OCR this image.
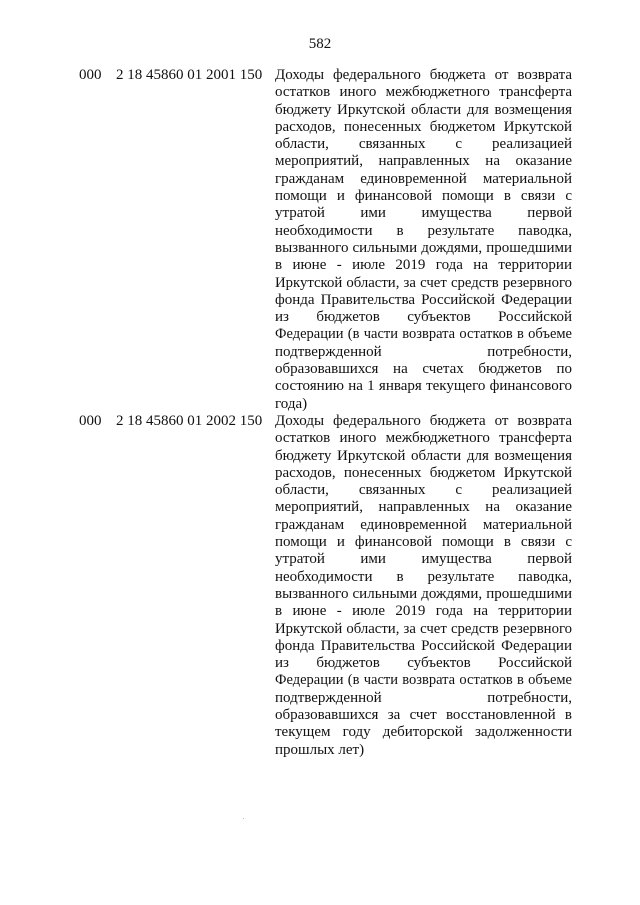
582
000 2 18 45860 01 2001 150 Доходы федерального бюджета от возврата
остатков иного межбюджетного трансферта
бюджету Иркутской области для возмещения
расходов, понесенных бюджетом Иркутской
области, связанных с реализацией
мероприятий, направленных на оказание
гражданам единовременной материальной
помощи и финансовой помощи в связи с
утратой ими имущества первой
необходимости в результате паводка,
вызванного сильными дождями, прошедшими
в июне - июле 2019 года на территории
Иркутской области, за счет средств резервного
фонда Правительства Российской Федерации
из бюджетов субъектов Российской
Федерации (в части возврата остатков в объеме
подтвержденной потребности,
образовавшихся на счетах бюджетов по
состоянию на 1 января текущего финансового
года)
000 2 18 45860 01 2002 150 Доходы федерального бюджета от возврата
остатков иного межбюджетного трансферта
бюджету Иркутской области для возмещения
расходов, понесенных бюджетом Иркутской
области, связанных с реализацией
мероприятий, направленных на оказание
гражданам единовременной материальной
помощи и финансовой помощи в связи с
утратой ими имущества первой
необходимости в результате паводка,
вызванного сильными дождями, прошедшими
в июне - июле 2019 года на территории
Иркутской области, за счет средств резервного
фонда Правительства Российской Федерации
из бюджетов субъектов Российской
Федерации (в части возврата остатков в объеме
подтвержденной потребности,
образовавшихся за счет восстановленной в
текущем году дебиторской задолженности
прошлых лет)
